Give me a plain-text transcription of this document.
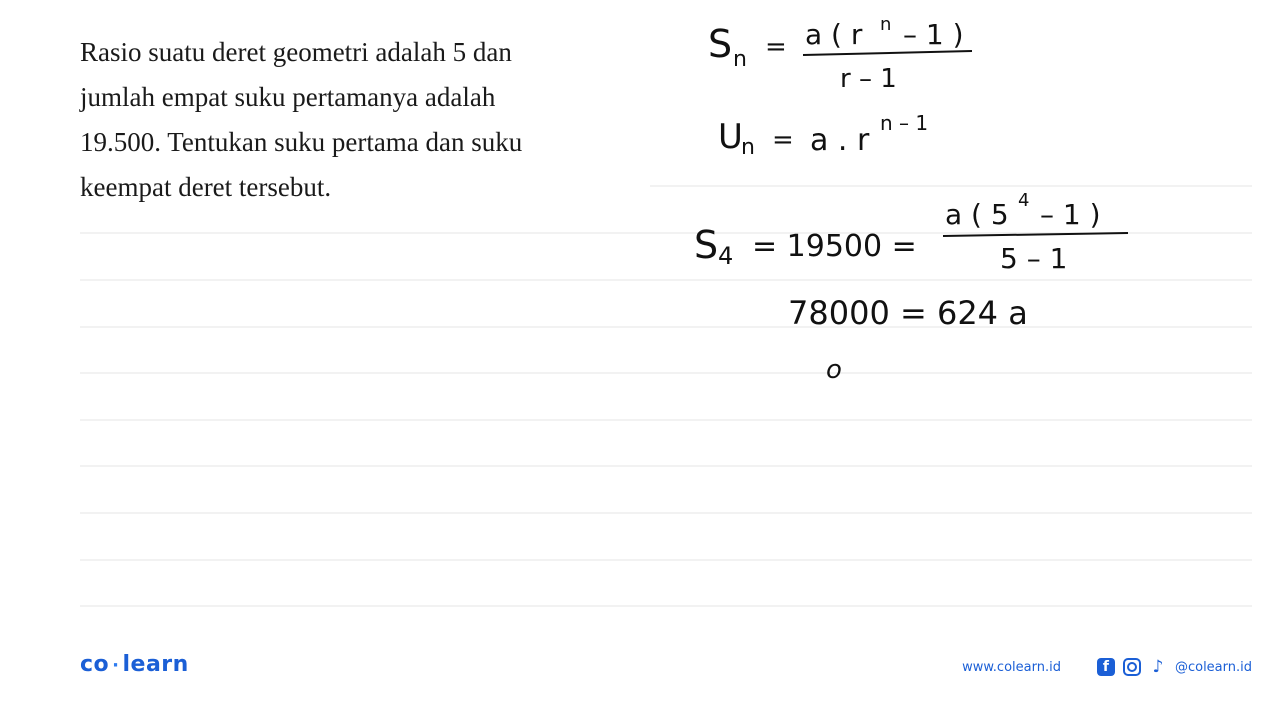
Rasio suatu deret geometri adalah 5 dan
jumlah empat suku pertamanya adalah
19.500. Tentukan suku pertama dan suku
keempat deret tersebut.
S n = a ( r n – 1 )
r – 1
U
n = a . r n – 1
S 4 = 19500 =
a ( 5 4 – 1 )
5 – 1
78000 = 624 a
o
co · learn	www.colearn.id	f	♪ @colearn.id
